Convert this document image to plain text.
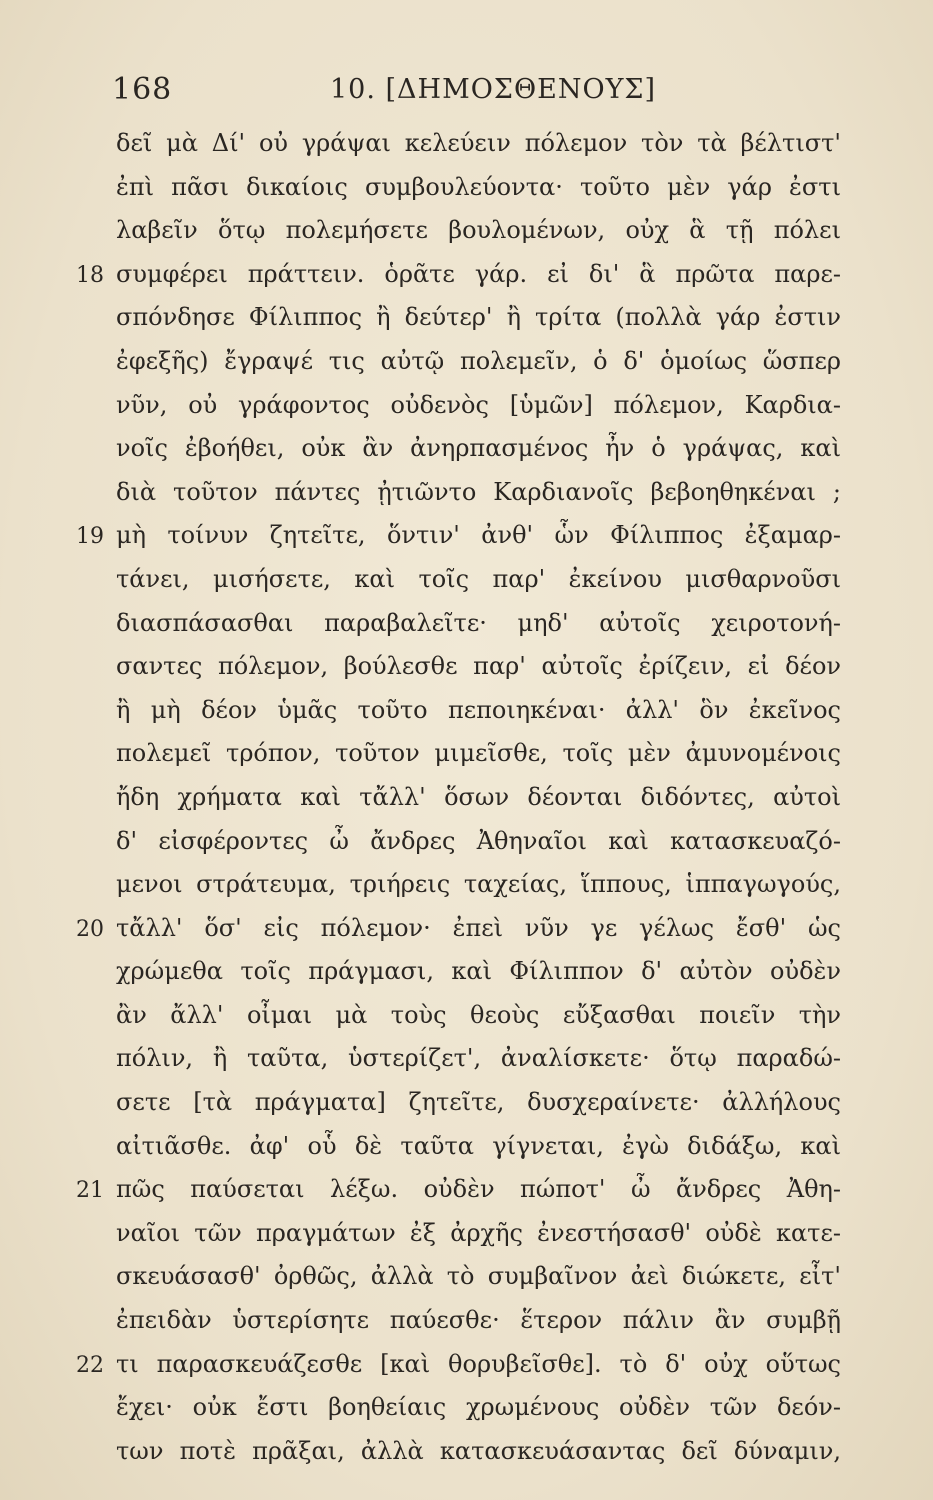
168	10. [ΔΗΜΟΣΘΕΝΟΥΣ]
δεῖ μὰ Δί' οὐ γράψαι κελεύειν πόλεμον τὸν τὰ βέλτιστ'
ἐπὶ πᾶσι δικαίοις συμβουλεύοντα· τοῦτο μὲν γάρ ἐστι
λαβεῖν ὅτῳ πολεμήσετε βουλομένων, οὐχ ἃ τῇ πόλει
18 συμφέρει πράττειν. ὁρᾶτε γάρ. εἰ δι' ἃ πρῶτα παρε-
σπόνδησε Φίλιππος ἢ δεύτερ' ἢ τρίτα (πολλὰ γάρ ἐστιν
ἐφεξῆς) ἔγραψέ τις αὐτῷ πολεμεῖν, ὁ δ' ὁμοίως ὥσπερ
νῦν, οὐ γράφοντος οὐδενὸς [ὑμῶν] πόλεμον, Καρδια-
νοῖς ἐβοήθει, οὐκ ἂν ἀνηρπασμένος ἦν ὁ γράψας, καὶ
διὰ τοῦτον πάντες ᾐτιῶντο Καρδιανοῖς βεβοηθηκέναι ;
19 μὴ τοίνυν ζητεῖτε, ὅντιν' ἀνθ' ὧν Φίλιππος ἐξαμαρ-
τάνει, μισήσετε, καὶ τοῖς παρ' ἐκείνου μισθαρνοῦσι
διασπάσασθαι παραβαλεῖτε· μηδ' αὐτοῖς χειροτονή-
σαντες πόλεμον, βούλεσθε παρ' αὐτοῖς ἐρίζειν, εἰ δέον
ἢ μὴ δέον ὑμᾶς τοῦτο πεποιηκέναι· ἀλλ' ὃν ἐκεῖνος
πολεμεῖ τρόπον, τοῦτον μιμεῖσθε, τοῖς μὲν ἀμυνομένοις
ἤδη χρήματα καὶ τἄλλ' ὅσων δέονται διδόντες, αὐτοὶ
δ' εἰσφέροντες ὦ ἄνδρες Ἀθηναῖοι καὶ κατασκευαζό-
μενοι στράτευμα, τριήρεις ταχείας, ἵππους, ἱππαγωγούς,
20 τἄλλ' ὅσ' εἰς πόλεμον· ἐπεὶ νῦν γε γέλως ἔσθ' ὡς
χρώμεθα τοῖς πράγμασι, καὶ Φίλιππον δ' αὐτὸν οὐδὲν
ἂν ἄλλ' οἶμαι μὰ τοὺς θεοὺς εὔξασθαι ποιεῖν τὴν
πόλιν, ἢ ταῦτα, ὑστερίζετ', ἀναλίσκετε· ὅτῳ παραδώ-
σετε [τὰ πράγματα] ζητεῖτε, δυσχεραίνετε· ἀλλήλους
αἰτιᾶσθε. ἀφ' οὗ δὲ ταῦτα γίγνεται, ἐγὼ διδάξω, καὶ
21 πῶς παύσεται λέξω. οὐδὲν πώποτ' ὦ ἄνδρες Ἀθη-
ναῖοι τῶν πραγμάτων ἐξ ἀρχῆς ἐνεστήσασθ' οὐδὲ κατε-
σκευάσασθ' ὀρθῶς, ἀλλὰ τὸ συμβαῖνον ἀεὶ διώκετε, εἶτ'
ἐπειδὰν ὑστερίσητε παύεσθε· ἕτερον πάλιν ἂν συμβῇ
22 τι παρασκευάζεσθε [καὶ θορυβεῖσθε]. τὸ δ' οὐχ οὕτως
ἔχει· οὐκ ἔστι βοηθείαις χρωμένους οὐδὲν τῶν δεόν-
των ποτὲ πρᾶξαι, ἀλλὰ κατασκευάσαντας δεῖ δύναμιν,
